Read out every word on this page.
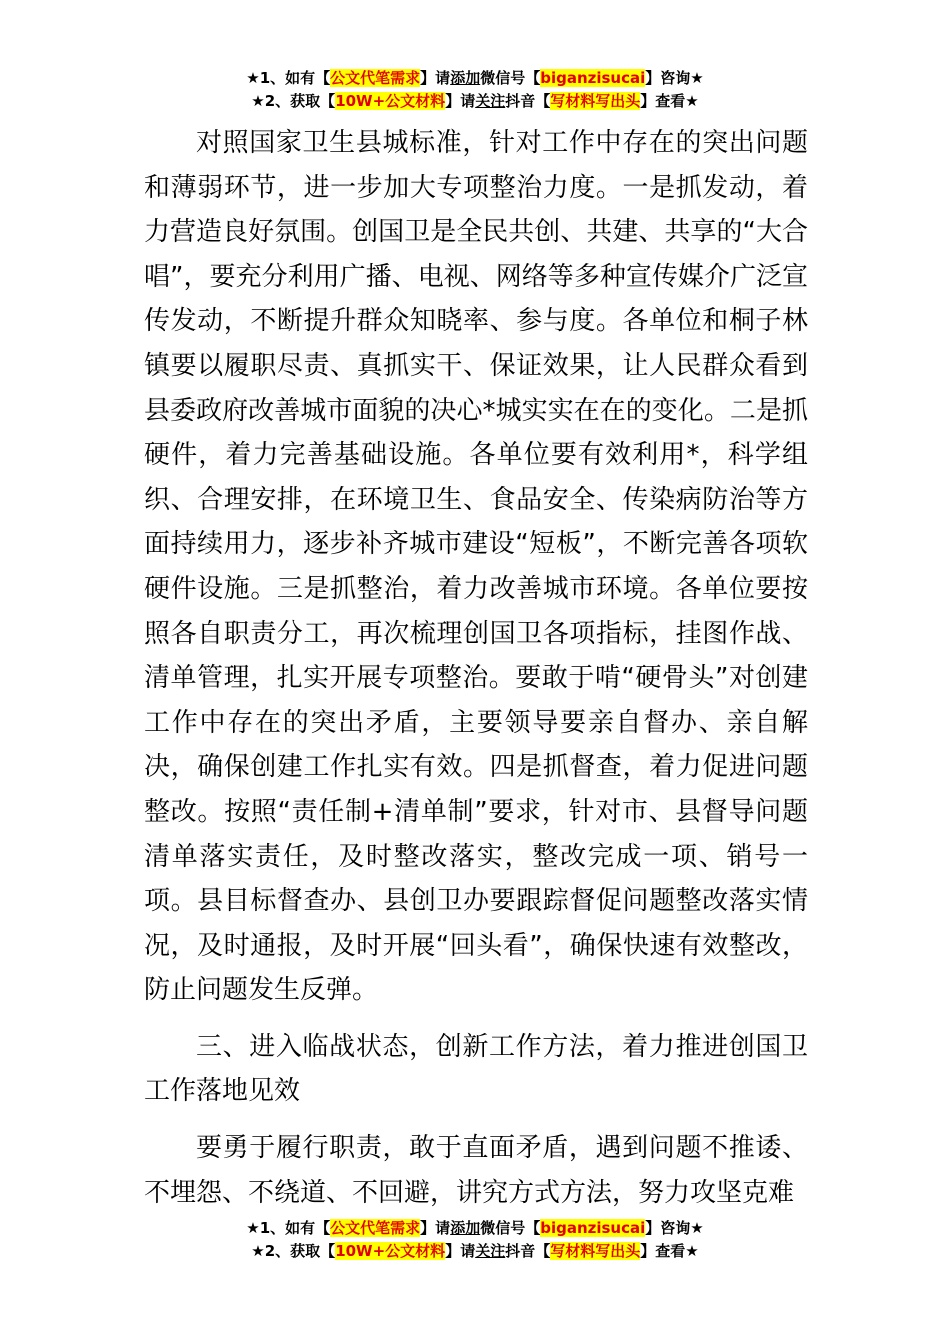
★1、如有【公文代笔需求】请添加微信号【biganzisucai】咨询★
★2、获取【10W+公文材料】请关注抖音【写材料写出头】查看★

对照国家卫生县城标准，针对工作中存在的突出问题和薄弱环节，进一步加大专项整治力度。一是抓发动，着力营造良好氛围。创国卫是全民共创、共建、共享的“大合唱”，要充分利用广播、电视、网络等多种宣传媒介广泛宣传发动，不断提升群众知晓率、参与度。各单位和桐子林镇要以履职尽责、真抓实干、保证效果，让人民群众看到县委政府改善城市面貌的决心*城实实在在的变化。二是抓硬件，着力完善基础设施。各单位要有效利用*，科学组织、合理安排，在环境卫生、食品安全、传染病防治等方面持续用力，逐步补齐城市建设“短板”，不断完善各项软硬件设施。三是抓整治，着力改善城市环境。各单位要按照各自职责分工，再次梳理创国卫各项指标，挂图作战、清单管理，扎实开展专项整治。要敢于啃“硬骨头”对创建工作中存在的突出矛盾，主要领导要亲自督办、亲自解决，确保创建工作扎实有效。四是抓督查，着力促进问题整改。按照“责任制+清单制”要求，针对市、县督导问题清单落实责任，及时整改落实，整改完成一项、销号一项。县目标督查办、县创卫办要跟踪督促问题整改落实情况，及时通报，及时开展“回头看”，确保快速有效整改，防止问题发生反弹。

三、进入临战状态，创新工作方法，着力推进创国卫工作落地见效

要勇于履行职责，敢于直面矛盾，遇到问题不推诿、不埋怨、不绕道、不回避，讲究方式方法，努力攻坚克难

★1、如有【公文代笔需求】请添加微信号【biganzisucai】咨询★
★2、获取【10W+公文材料】请关注抖音【写材料写出头】查看★
